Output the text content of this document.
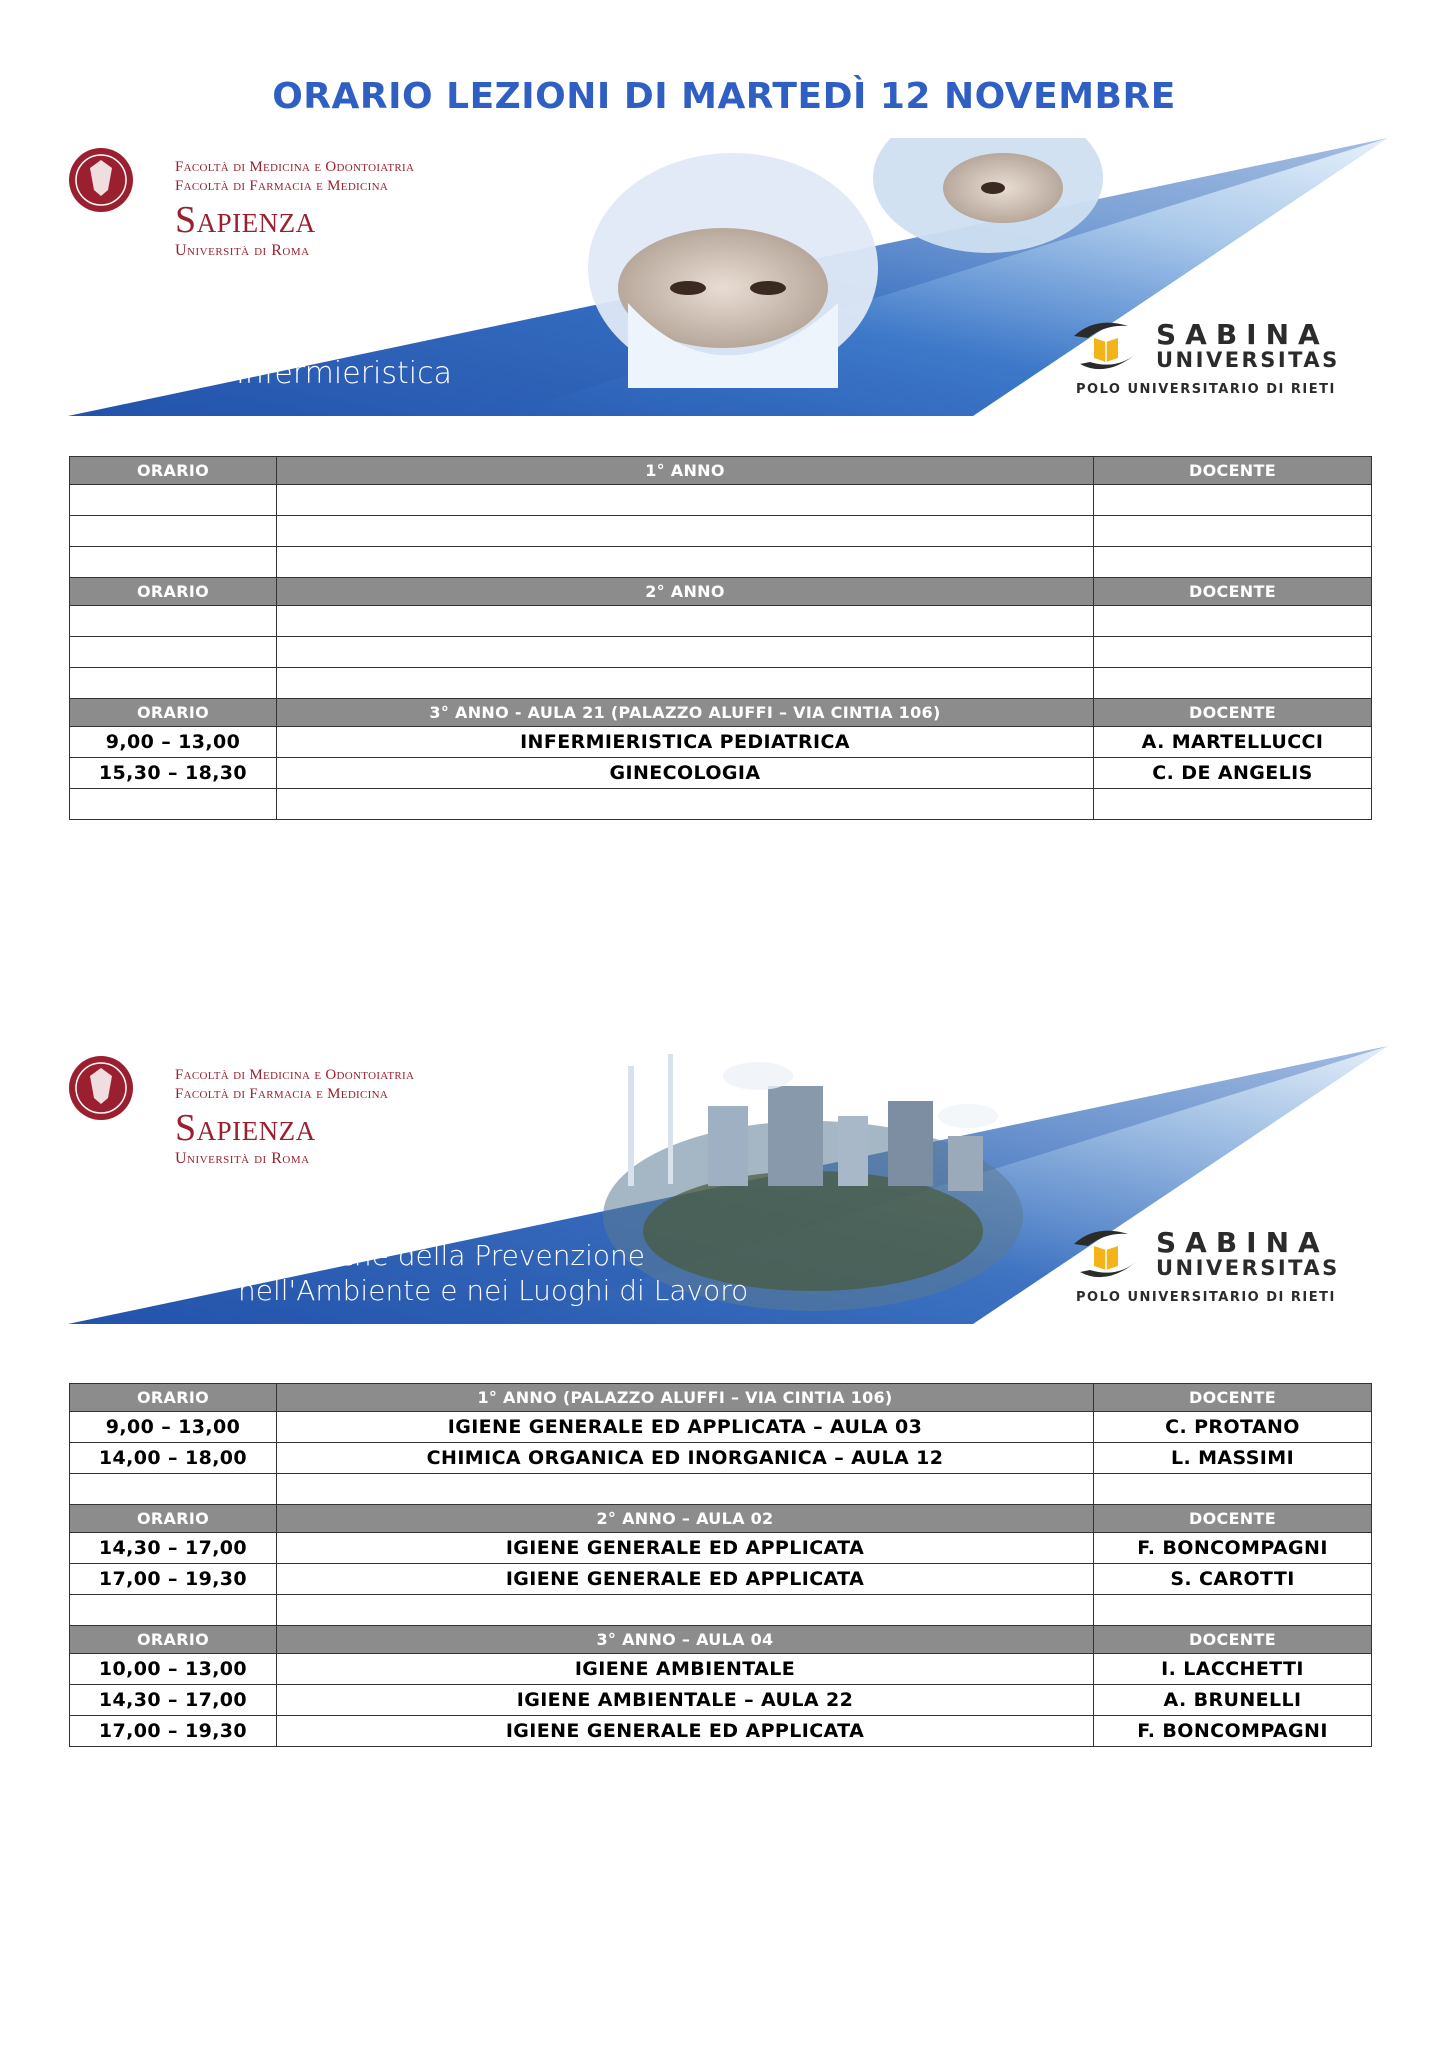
ORARIO LEZIONI DI MARTEDÌ 12 NOVEMBRE
Facoltà di Medicina e Odontoiatria
Facoltà di Farmacia e Medicina
Sapienza
Università di Roma
Infermieristica
SABINA
UNIVERSITAS
POLO UNIVERSITARIO DI RIETI
ORARIO	1° ANNO	DOCENTE

ORARIO	2° ANNO	DOCENTE

ORARIO	3° ANNO - AULA 21 (PALAZZO ALUFFI – VIA CINTIA 106)	DOCENTE
9,00 – 13,00	INFERMIERISTICA PEDIATRICA	A. MARTELLUCCI
15,30 – 18,30	GINECOLOGIA	C. DE ANGELIS

Facoltà di Medicina e Odontoiatria
Facoltà di Farmacia e Medicina
Sapienza
Università di Roma
Tecniche della Prevenzione
nell'Ambiente e nei Luoghi di Lavoro
SABINA
UNIVERSITAS
POLO UNIVERSITARIO DI RIETI
ORARIO	1° ANNO (PALAZZO ALUFFI – VIA CINTIA 106)	DOCENTE
9,00 – 13,00	IGIENE GENERALE ED APPLICATA – AULA 03	C. PROTANO
14,00 – 18,00	CHIMICA ORGANICA ED INORGANICA – AULA 12	L. MASSIMI

ORARIO	2° ANNO – AULA 02	DOCENTE
14,30 – 17,00	IGIENE GENERALE ED APPLICATA	F. BONCOMPAGNI
17,00 – 19,30	IGIENE GENERALE ED APPLICATA	S. CAROTTI

ORARIO	3° ANNO – AULA 04	DOCENTE
10,00 – 13,00	IGIENE AMBIENTALE	I. LACCHETTI
14,30 – 17,00	IGIENE AMBIENTALE – AULA 22	A. BRUNELLI
17,00 – 19,30	IGIENE GENERALE ED APPLICATA	F. BONCOMPAGNI
